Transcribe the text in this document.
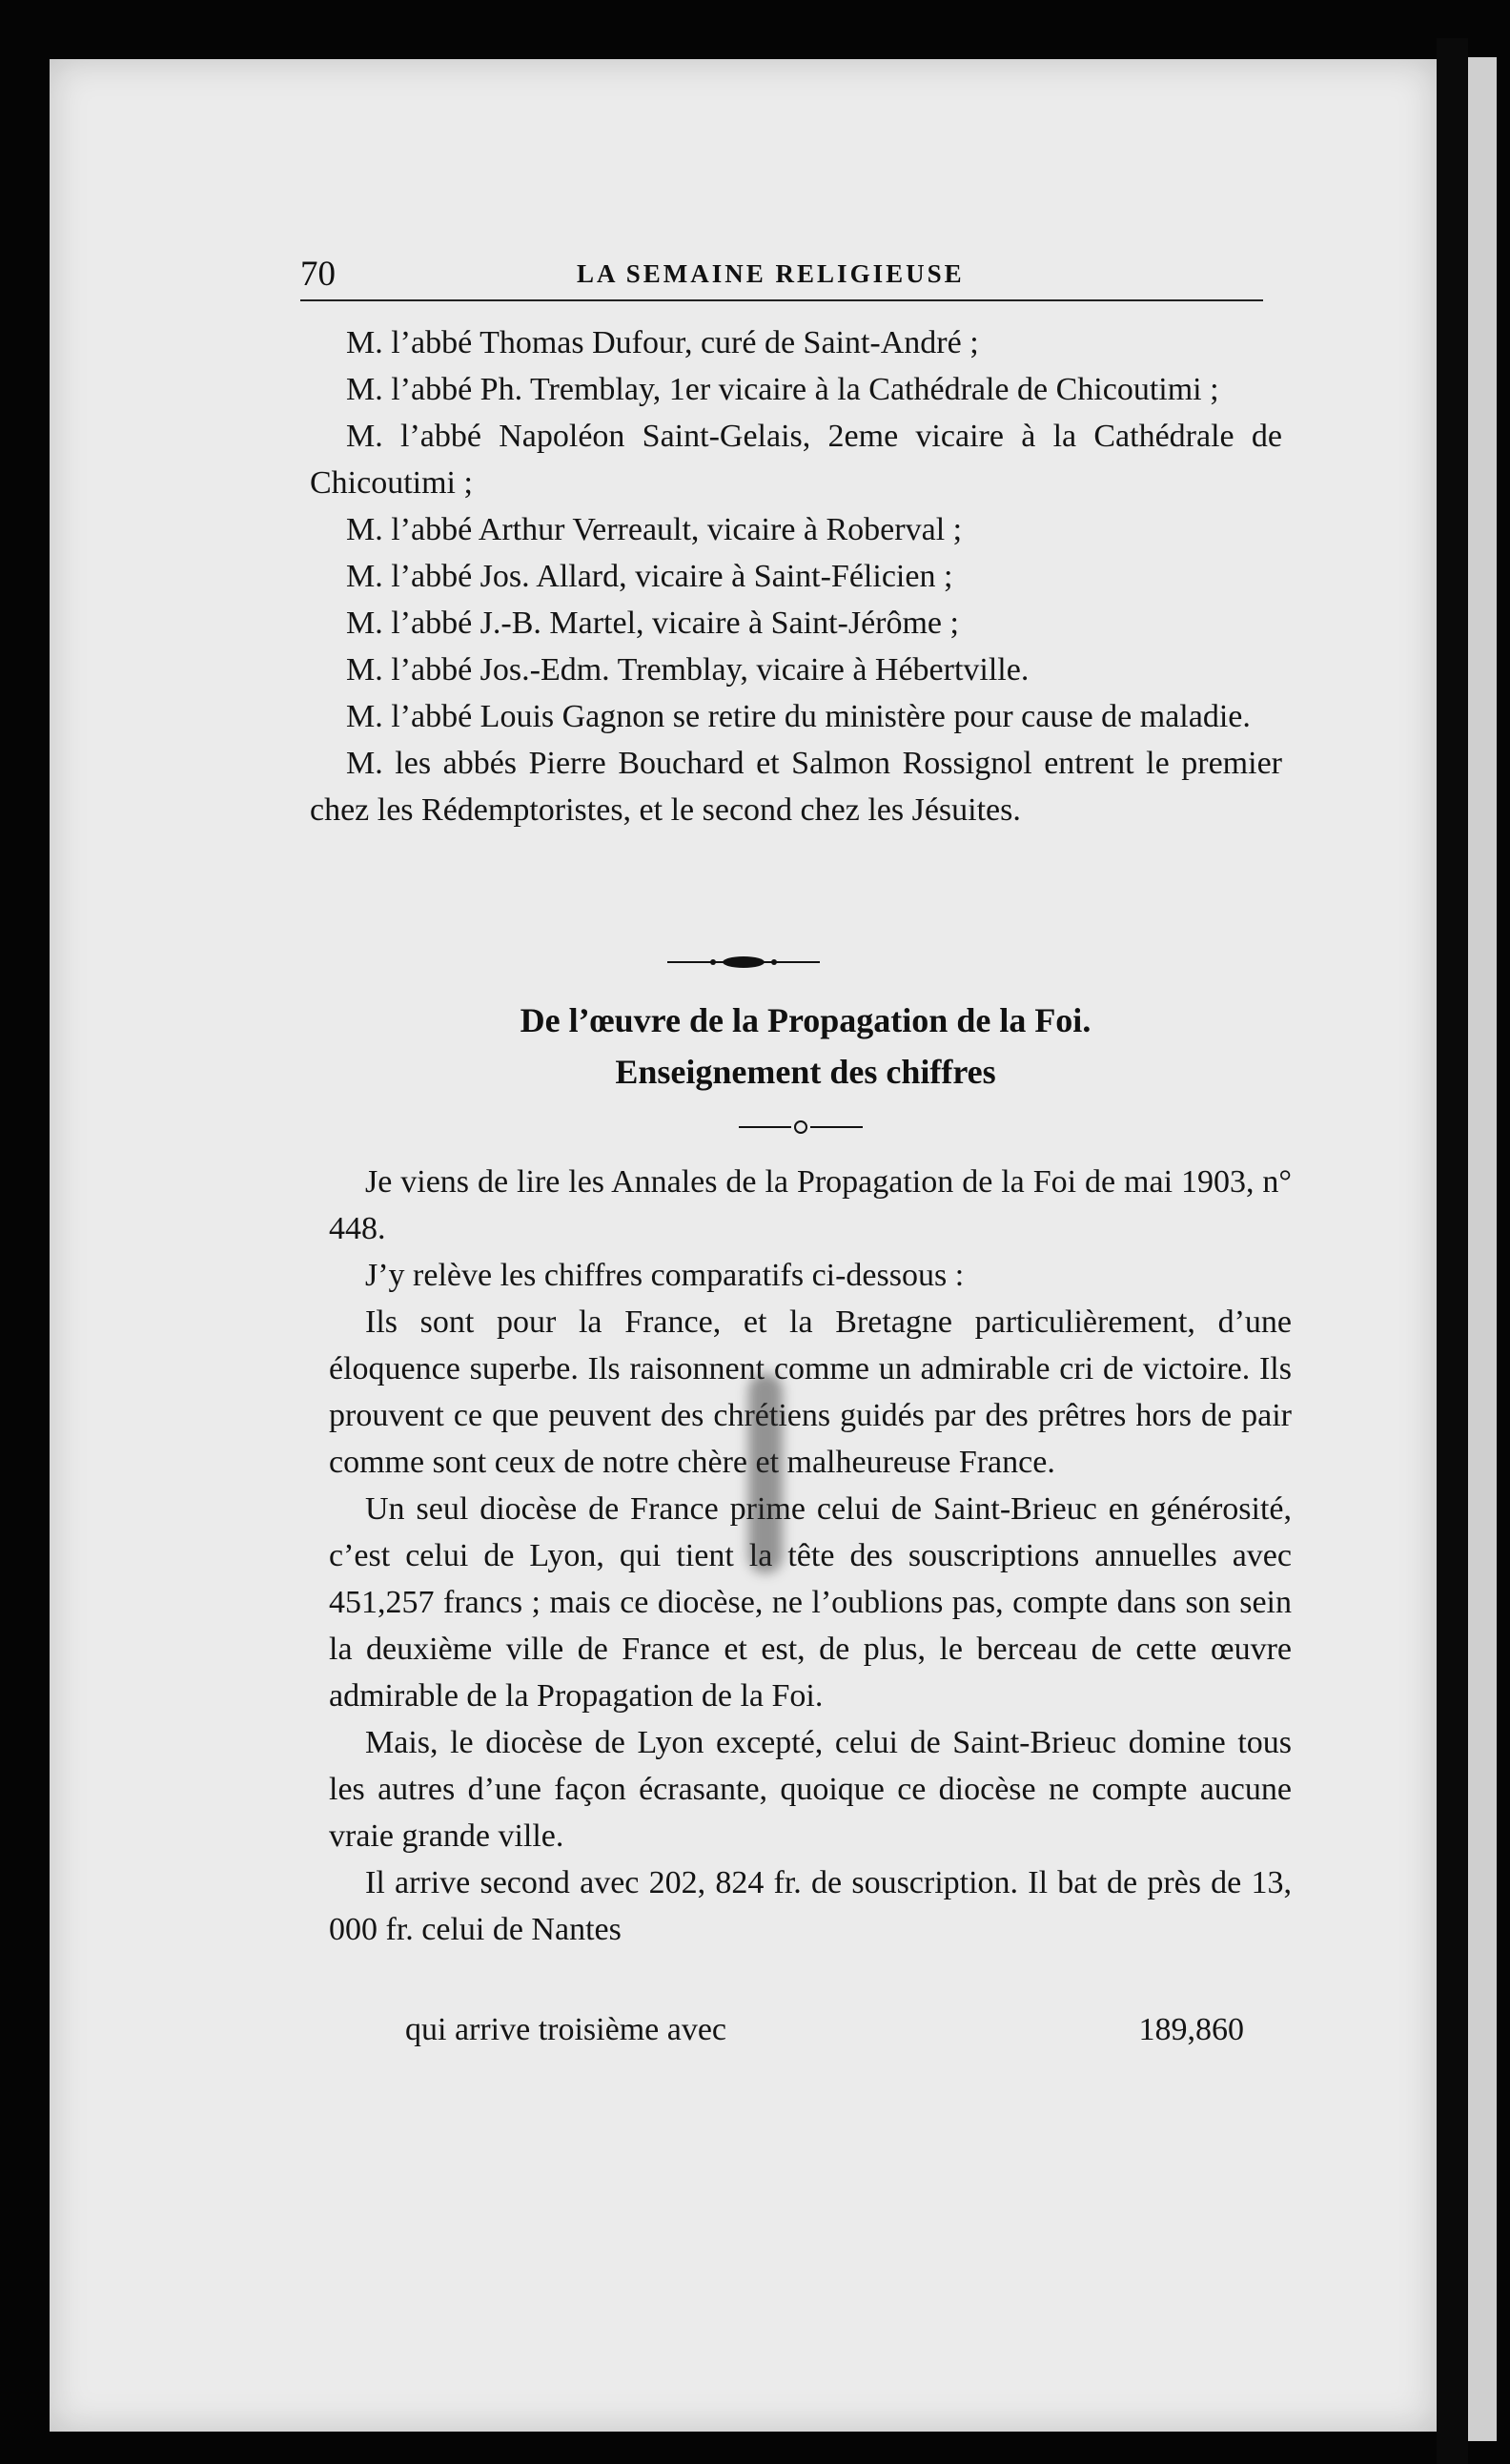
70	LA SEMAINE RELIGIEUSE

M. l’abbé Thomas Dufour, curé de Saint-André ;

M. l’abbé Ph. Tremblay, 1er vicaire à la Cathédrale de Chicoutimi ;

M. l’abbé Napoléon Saint-Gelais, 2eme vicaire à la Cathédrale de Chicoutimi ;

M. l’abbé Arthur Verreault, vicaire à Roberval ;

M. l’abbé Jos. Allard, vicaire à Saint-Félicien ;

M. l’abbé J.-B. Martel, vicaire à Saint-Jérôme ;

M. l’abbé Jos.-Edm. Tremblay, vicaire à Hébertville.

M. l’abbé Louis Gagnon se retire du ministère pour cause de maladie.

M. les abbés Pierre Bouchard et Salmon Rossignol entrent le premier chez les Rédemptoristes, et le second chez les Jésuites.

De l’œuvre de la Propagation de la Foi.
Enseignement des chiffres

Je viens de lire les Annales de la Propagation de la Foi de mai 1903, n° 448.

J’y relève les chiffres comparatifs ci-dessous :

Ils sont pour la France, et la Bretagne particulièrement, d’une éloquence superbe. Ils raisonnent comme un admirable cri de victoire. Ils prouvent ce que peuvent des chrétiens guidés par des prêtres hors de pair comme sont ceux de notre chère et malheureuse France.

Un seul diocèse de France prime celui de Saint-Brieuc en générosité, c’est celui de Lyon, qui tient la tête des souscriptions annuelles avec 451,257 francs ; mais ce diocèse, ne l’oublions pas, compte dans son sein la deuxième ville de France et est, de plus, le berceau de cette œuvre admirable de la Propagation de la Foi.

Mais, le diocèse de Lyon excepté, celui de Saint-Brieuc domine tous les autres d’une façon écrasante, quoique ce diocèse ne compte aucune vraie grande ville.

Il arrive second avec 202, 824 fr. de souscription. Il bat de près de 13, 000 fr. celui de Nantes

qui arrive troisième avec	189,860
